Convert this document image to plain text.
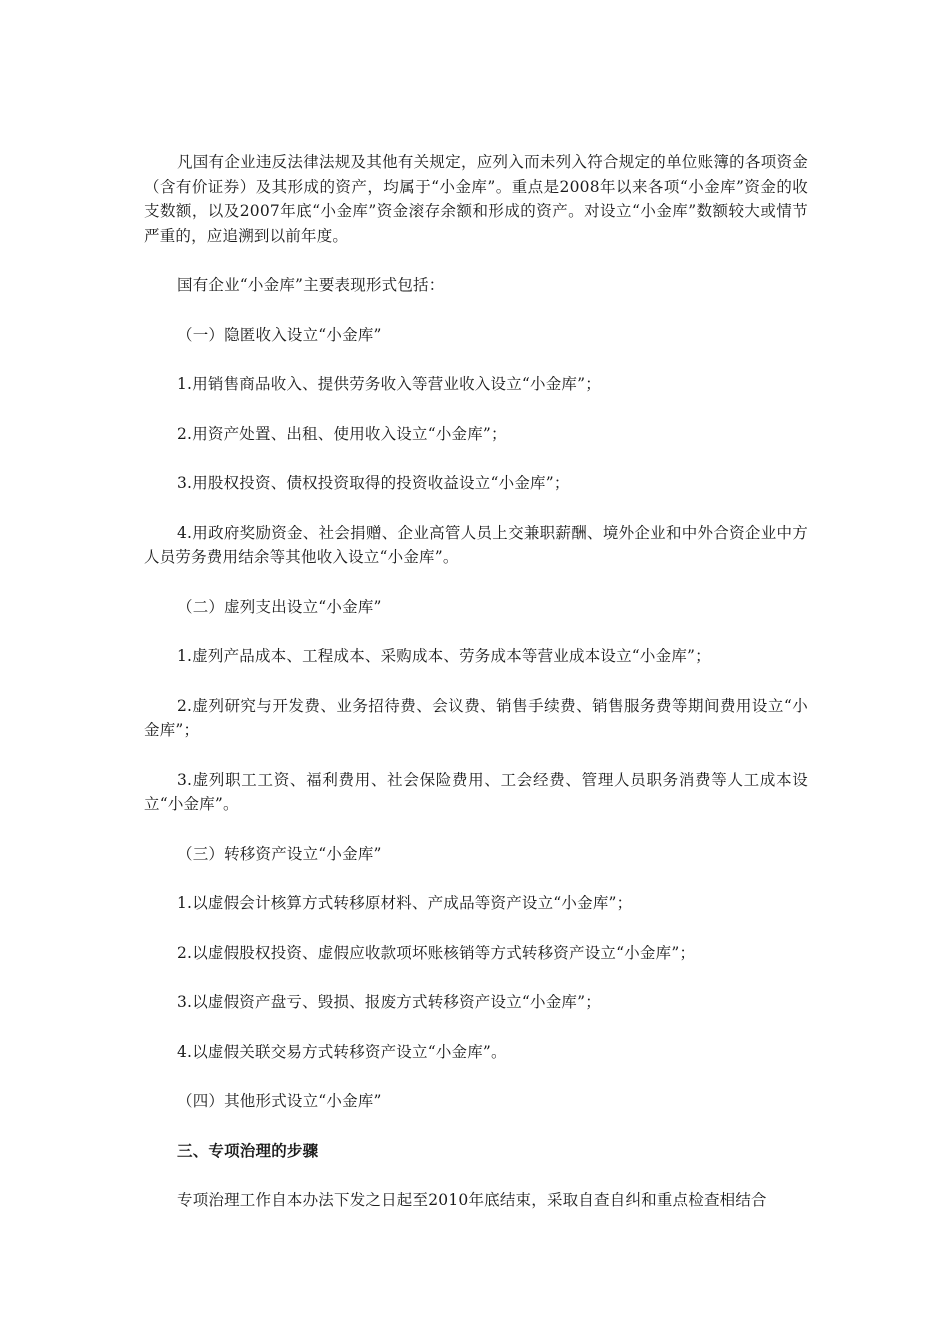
凡国有企业违反法律法规及其他有关规定，应列入而未列入符合规定的单位账簿的各项资金（含有价证券）及其形成的资产，均属于“小金库”。重点是2008年以来各项“小金库”资金的收支数额，以及2007年底“小金库”资金滚存余额和形成的资产。对设立“小金库”数额较大或情节严重的，应追溯到以前年度。

国有企业“小金库”主要表现形式包括：

（一）隐匿收入设立“小金库”

1.用销售商品收入、提供劳务收入等营业收入设立“小金库”；

2.用资产处置、出租、使用收入设立“小金库”；

3.用股权投资、债权投资取得的投资收益设立“小金库”；

4.用政府奖励资金、社会捐赠、企业高管人员上交兼职薪酬、境外企业和中外合资企业中方人员劳务费用结余等其他收入设立“小金库”。

（二）虚列支出设立“小金库”

1.虚列产品成本、工程成本、采购成本、劳务成本等营业成本设立“小金库”；

2.虚列研究与开发费、业务招待费、会议费、销售手续费、销售服务费等期间费用设立“小金库”；

3.虚列职工工资、福利费用、社会保险费用、工会经费、管理人员职务消费等人工成本设立“小金库”。

（三）转移资产设立“小金库”

1.以虚假会计核算方式转移原材料、产成品等资产设立“小金库”；

2.以虚假股权投资、虚假应收款项坏账核销等方式转移资产设立“小金库”；

3.以虚假资产盘亏、毁损、报废方式转移资产设立“小金库”；

4.以虚假关联交易方式转移资产设立“小金库”。

（四）其他形式设立“小金库”

三、专项治理的步骤

专项治理工作自本办法下发之日起至2010年底结束，采取自查自纠和重点检查相结合
